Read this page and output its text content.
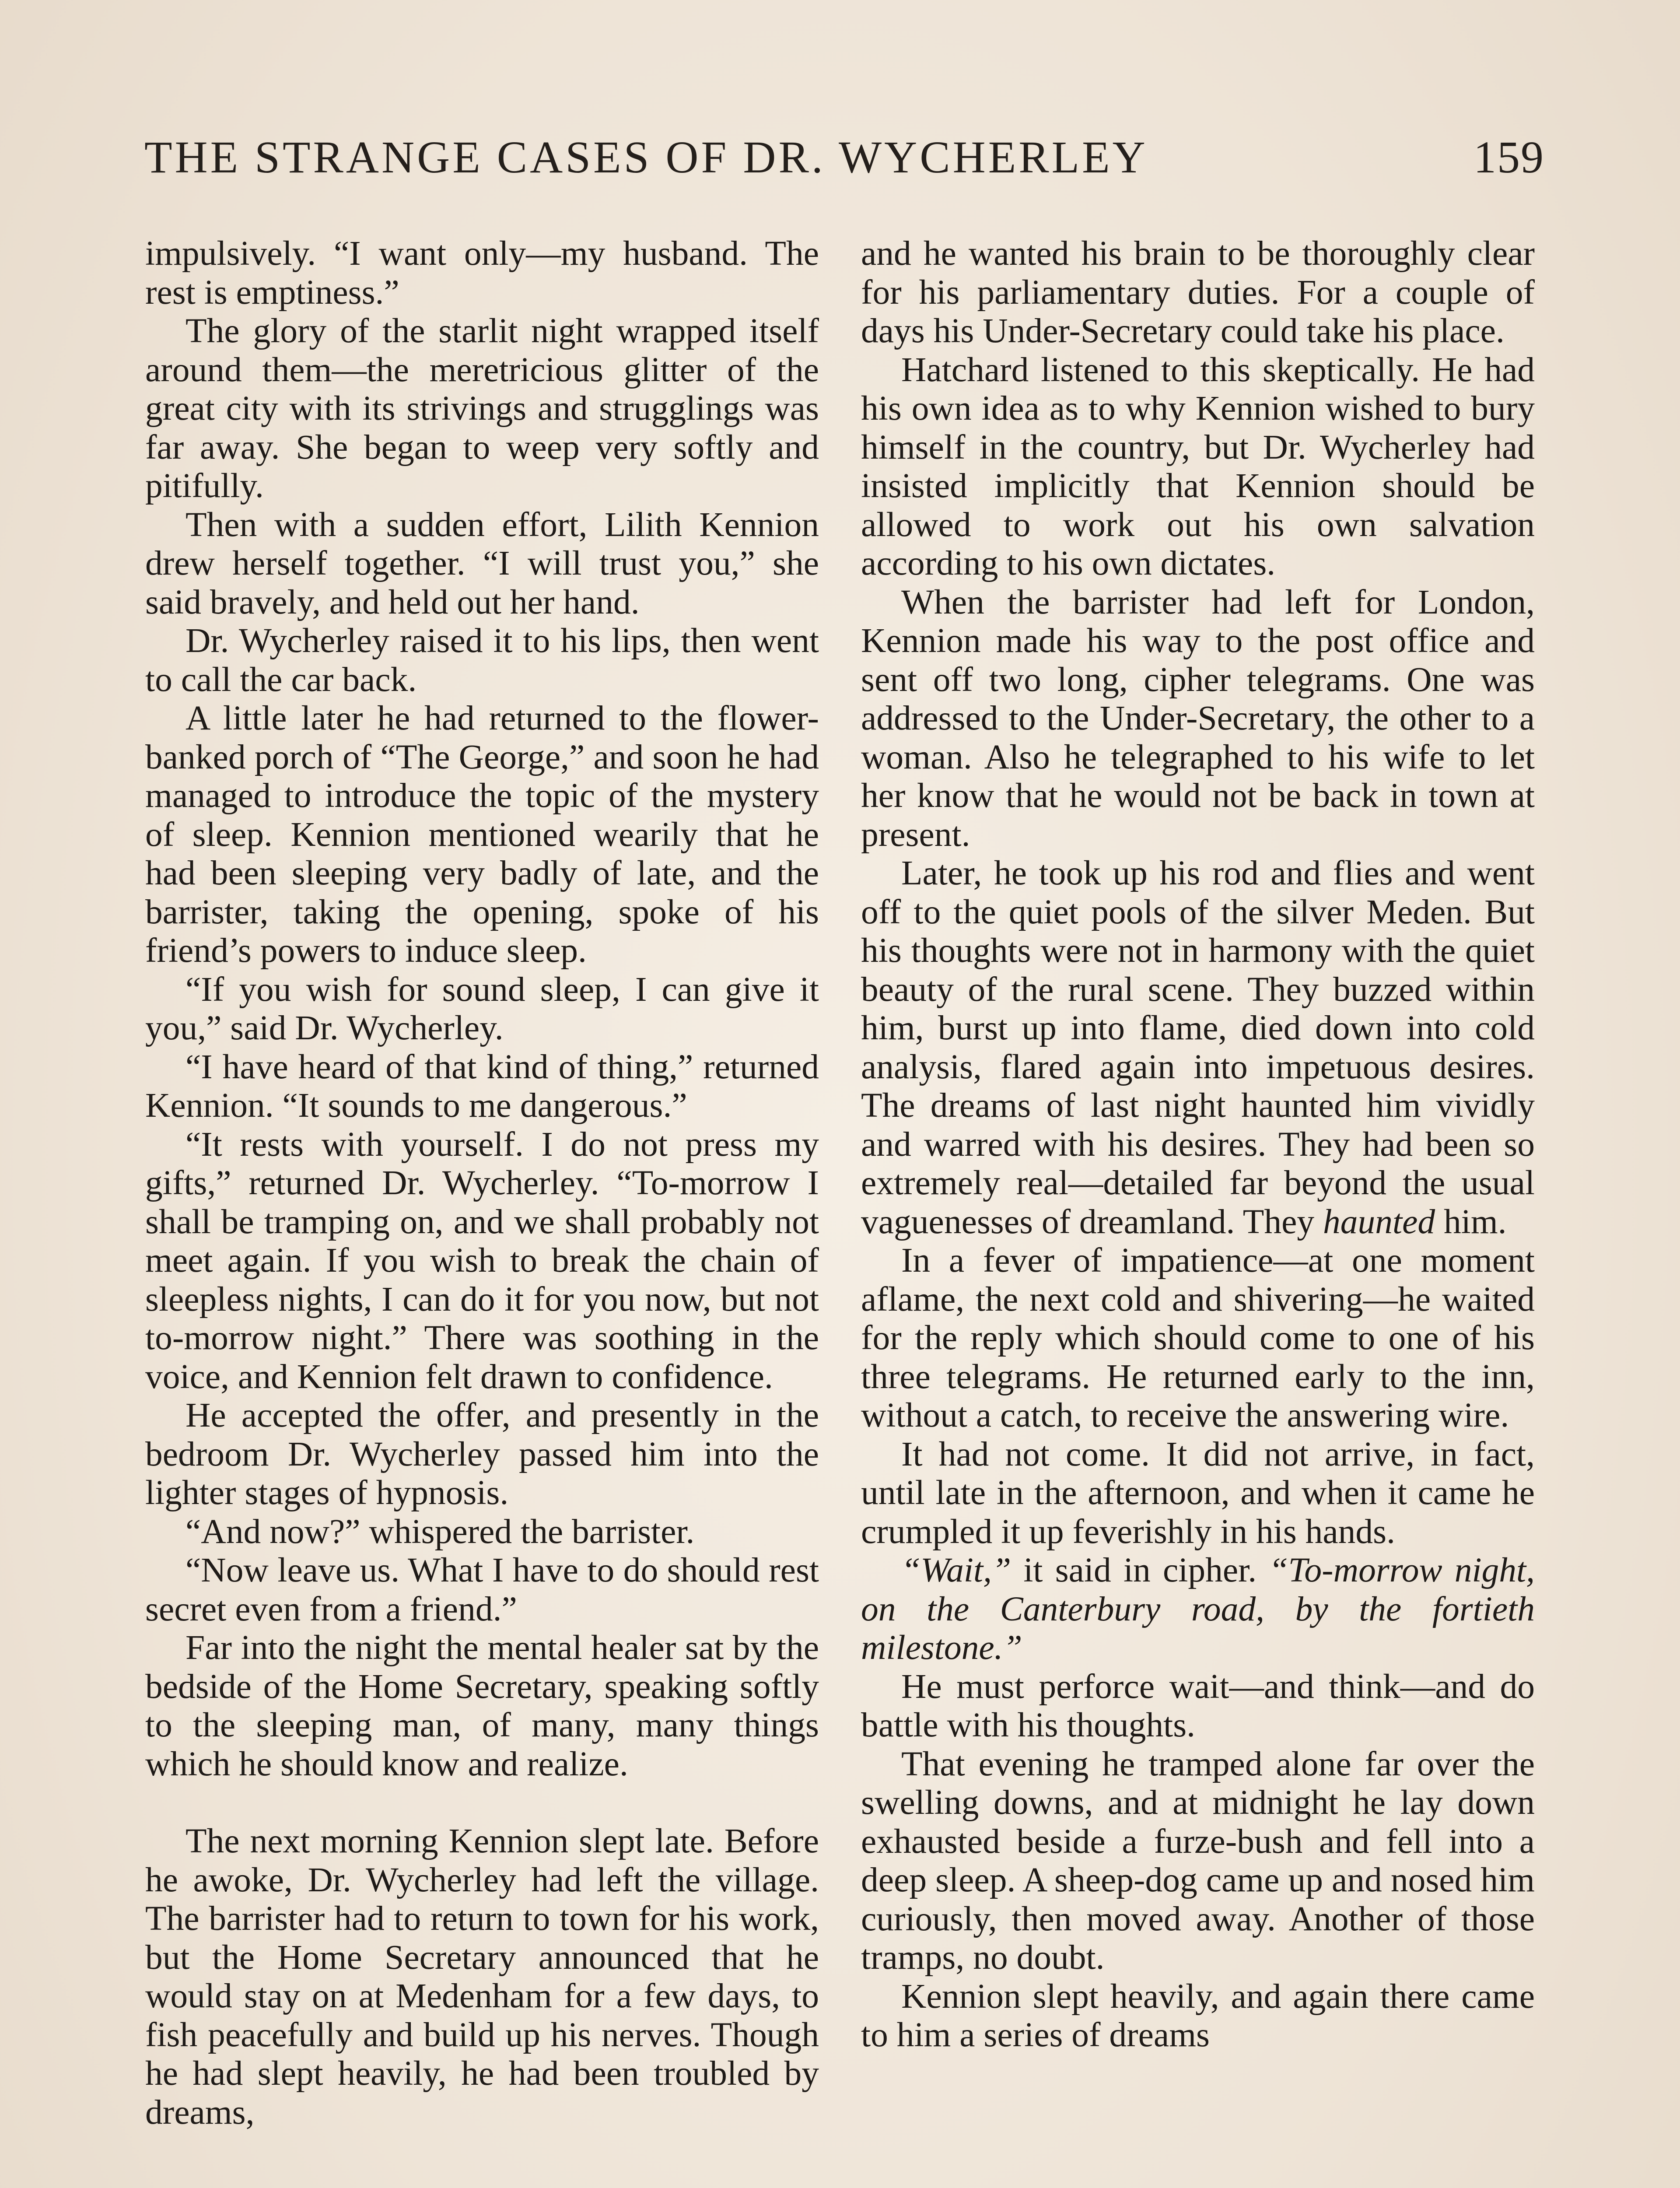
THE STRANGE CASES OF DR. WYCHERLEY	159

impulsively. “I want only—my husband. The rest is emptiness.”

The glory of the starlit night wrapped itself around them—the meretricious glitter of the great city with its strivings and strugglings was far away. She began to weep very softly and pitifully.

Then with a sudden effort, Lilith Kennion drew herself together. “I will trust you,” she said bravely, and held out her hand.

Dr. Wycherley raised it to his lips, then went to call the car back.

A little later he had returned to the flower-banked porch of “The George,” and soon he had managed to introduce the topic of the mystery of sleep. Kennion mentioned wearily that he had been sleeping very badly of late, and the barrister, taking the opening, spoke of his friend’s powers to induce sleep.

“If you wish for sound sleep, I can give it you,” said Dr. Wycherley.

“I have heard of that kind of thing,” returned Kennion. “It sounds to me dangerous.”

“It rests with yourself. I do not press my gifts,” returned Dr. Wycherley. “To-morrow I shall be tramping on, and we shall probably not meet again. If you wish to break the chain of sleepless nights, I can do it for you now, but not to-morrow night.” There was soothing in the voice, and Kennion felt drawn to confidence.

He accepted the offer, and presently in the bedroom Dr. Wycherley passed him into the lighter stages of hypnosis.

“And now?” whispered the barrister.

“Now leave us. What I have to do should rest secret even from a friend.”

Far into the night the mental healer sat by the bedside of the Home Secretary, speaking softly to the sleeping man, of many, many things which he should know and realize.

The next morning Kennion slept late. Before he awoke, Dr. Wycherley had left the village. The barrister had to return to town for his work, but the Home Secretary announced that he would stay on at Medenham for a few days, to fish peacefully and build up his nerves. Though he had slept heavily, he had been troubled by dreams,

and he wanted his brain to be thoroughly clear for his parliamentary duties. For a couple of days his Under-Secretary could take his place.

Hatchard listened to this skeptically. He had his own idea as to why Kennion wished to bury himself in the country, but Dr. Wycherley had insisted implicitly that Kennion should be allowed to work out his own salvation according to his own dictates.

When the barrister had left for London, Kennion made his way to the post office and sent off two long, cipher telegrams. One was addressed to the Under-Secretary, the other to a woman. Also he telegraphed to his wife to let her know that he would not be back in town at present.

Later, he took up his rod and flies and went off to the quiet pools of the silver Meden. But his thoughts were not in harmony with the quiet beauty of the rural scene. They buzzed within him, burst up into flame, died down into cold analysis, flared again into impetuous desires. The dreams of last night haunted him vividly and warred with his desires. They had been so extremely real—detailed far beyond the usual vaguenesses of dreamland. They haunted him.

In a fever of impatience—at one moment aflame, the next cold and shivering—he waited for the reply which should come to one of his three telegrams. He returned early to the inn, without a catch, to receive the answering wire.

It had not come. It did not arrive, in fact, until late in the afternoon, and when it came he crumpled it up feverishly in his hands.

“Wait,” it said in cipher. “To-morrow night, on the Canterbury road, by the fortieth milestone.”

He must perforce wait—and think—and do battle with his thoughts.

That evening he tramped alone far over the swelling downs, and at midnight he lay down exhausted beside a furze-bush and fell into a deep sleep. A sheep-dog came up and nosed him curiously, then moved away. Another of those tramps, no doubt.

Kennion slept heavily, and again there came to him a series of dreams
